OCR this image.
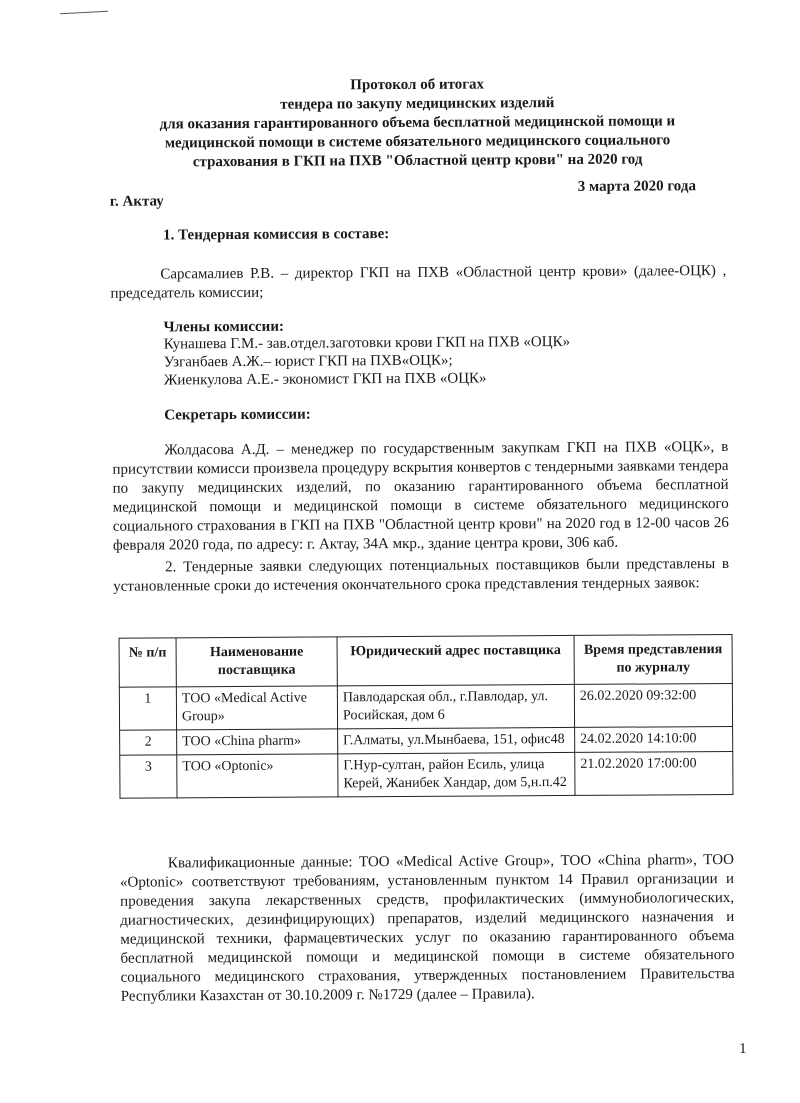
Протокол об итогах
тендера по закупу медицинских изделий
для оказания гарантированного объема бесплатной медицинской помощи и
медицинской помощи в системе обязательного медицинского социального
страхования в ГКП на ПХВ "Областной центр крови" на 2020 год
г. Актау
3 марта 2020 года
1. Тендерная комиссия в составе:
Сарсамалиев Р.В. – директор ГКП на ПХВ «Областной центр крови» (далее-ОЦК) , председатель комиссии;
Члены комиссии:
Кунашева Г.М.- зав.отдел.заготовки крови ГКП на ПХВ «ОЦК»
Узганбаев А.Ж.– юрист ГКП на ПХВ«ОЦК»;
Жиенкулова А.Е.- экономист ГКП на ПХВ «ОЦК»
Секретарь комиссии:
Жолдасова А.Д. – менеджер по государственным закупкам ГКП на ПХВ «ОЦК», в присутствии комисси произвела процедуру вскрытия конвертов с тендерными заявками тендера по закупу медицинских изделий, по оказанию гарантированного объема бесплатной медицинской помощи и медицинской помощи в системе обязательного медицинского социального страхования в ГКП на ПХВ "Областной центр крови" на 2020 год в 12-00 часов 26 февраля 2020 года, по адресу: г. Актау, 34А мкр., здание центра крови, 306 каб.
2. Тендерные заявки следующих потенциальных поставщиков были представлены в установленные сроки до истечения окончательного срока представления тендерных заявок:
№ п/п	Наименование поставщика	Юридический адрес поставщика	Время представления по журналу
1	ТОО «Medical Active Group»	Павлодарская обл., г.Павлодар, ул. Росийская, дом 6	26.02.2020 09:32:00
2	ТОО «China pharm»	Г.Алматы, ул.Мынбаева, 151, офис48	24.02.2020 14:10:00
3	ТОО «Optonic»	Г.Нур-султан, район Есиль, улица Керей, Жанибек Хандар, дом 5,н.п.42	21.02.2020 17:00:00
Квалификационные данные: ТОО «Medical Active Group», ТОО «China pharm», ТОО «Optonic» соответствуют требованиям, установленным пунктом 14 Правил организации и проведения закупа лекарственных средств, профилактических (иммунобиологических, диагностических, дезинфицирующих) препаратов, изделий медицинского назначения и медицинской техники, фармацевтических услуг по оказанию гарантированного объема бесплатной медицинской помощи и медицинской помощи в системе обязательного социального медицинского страхования, утвержденных постановлением Правительства Республики Казахстан от 30.10.2009 г. №1729 (далее – Правила).
1
